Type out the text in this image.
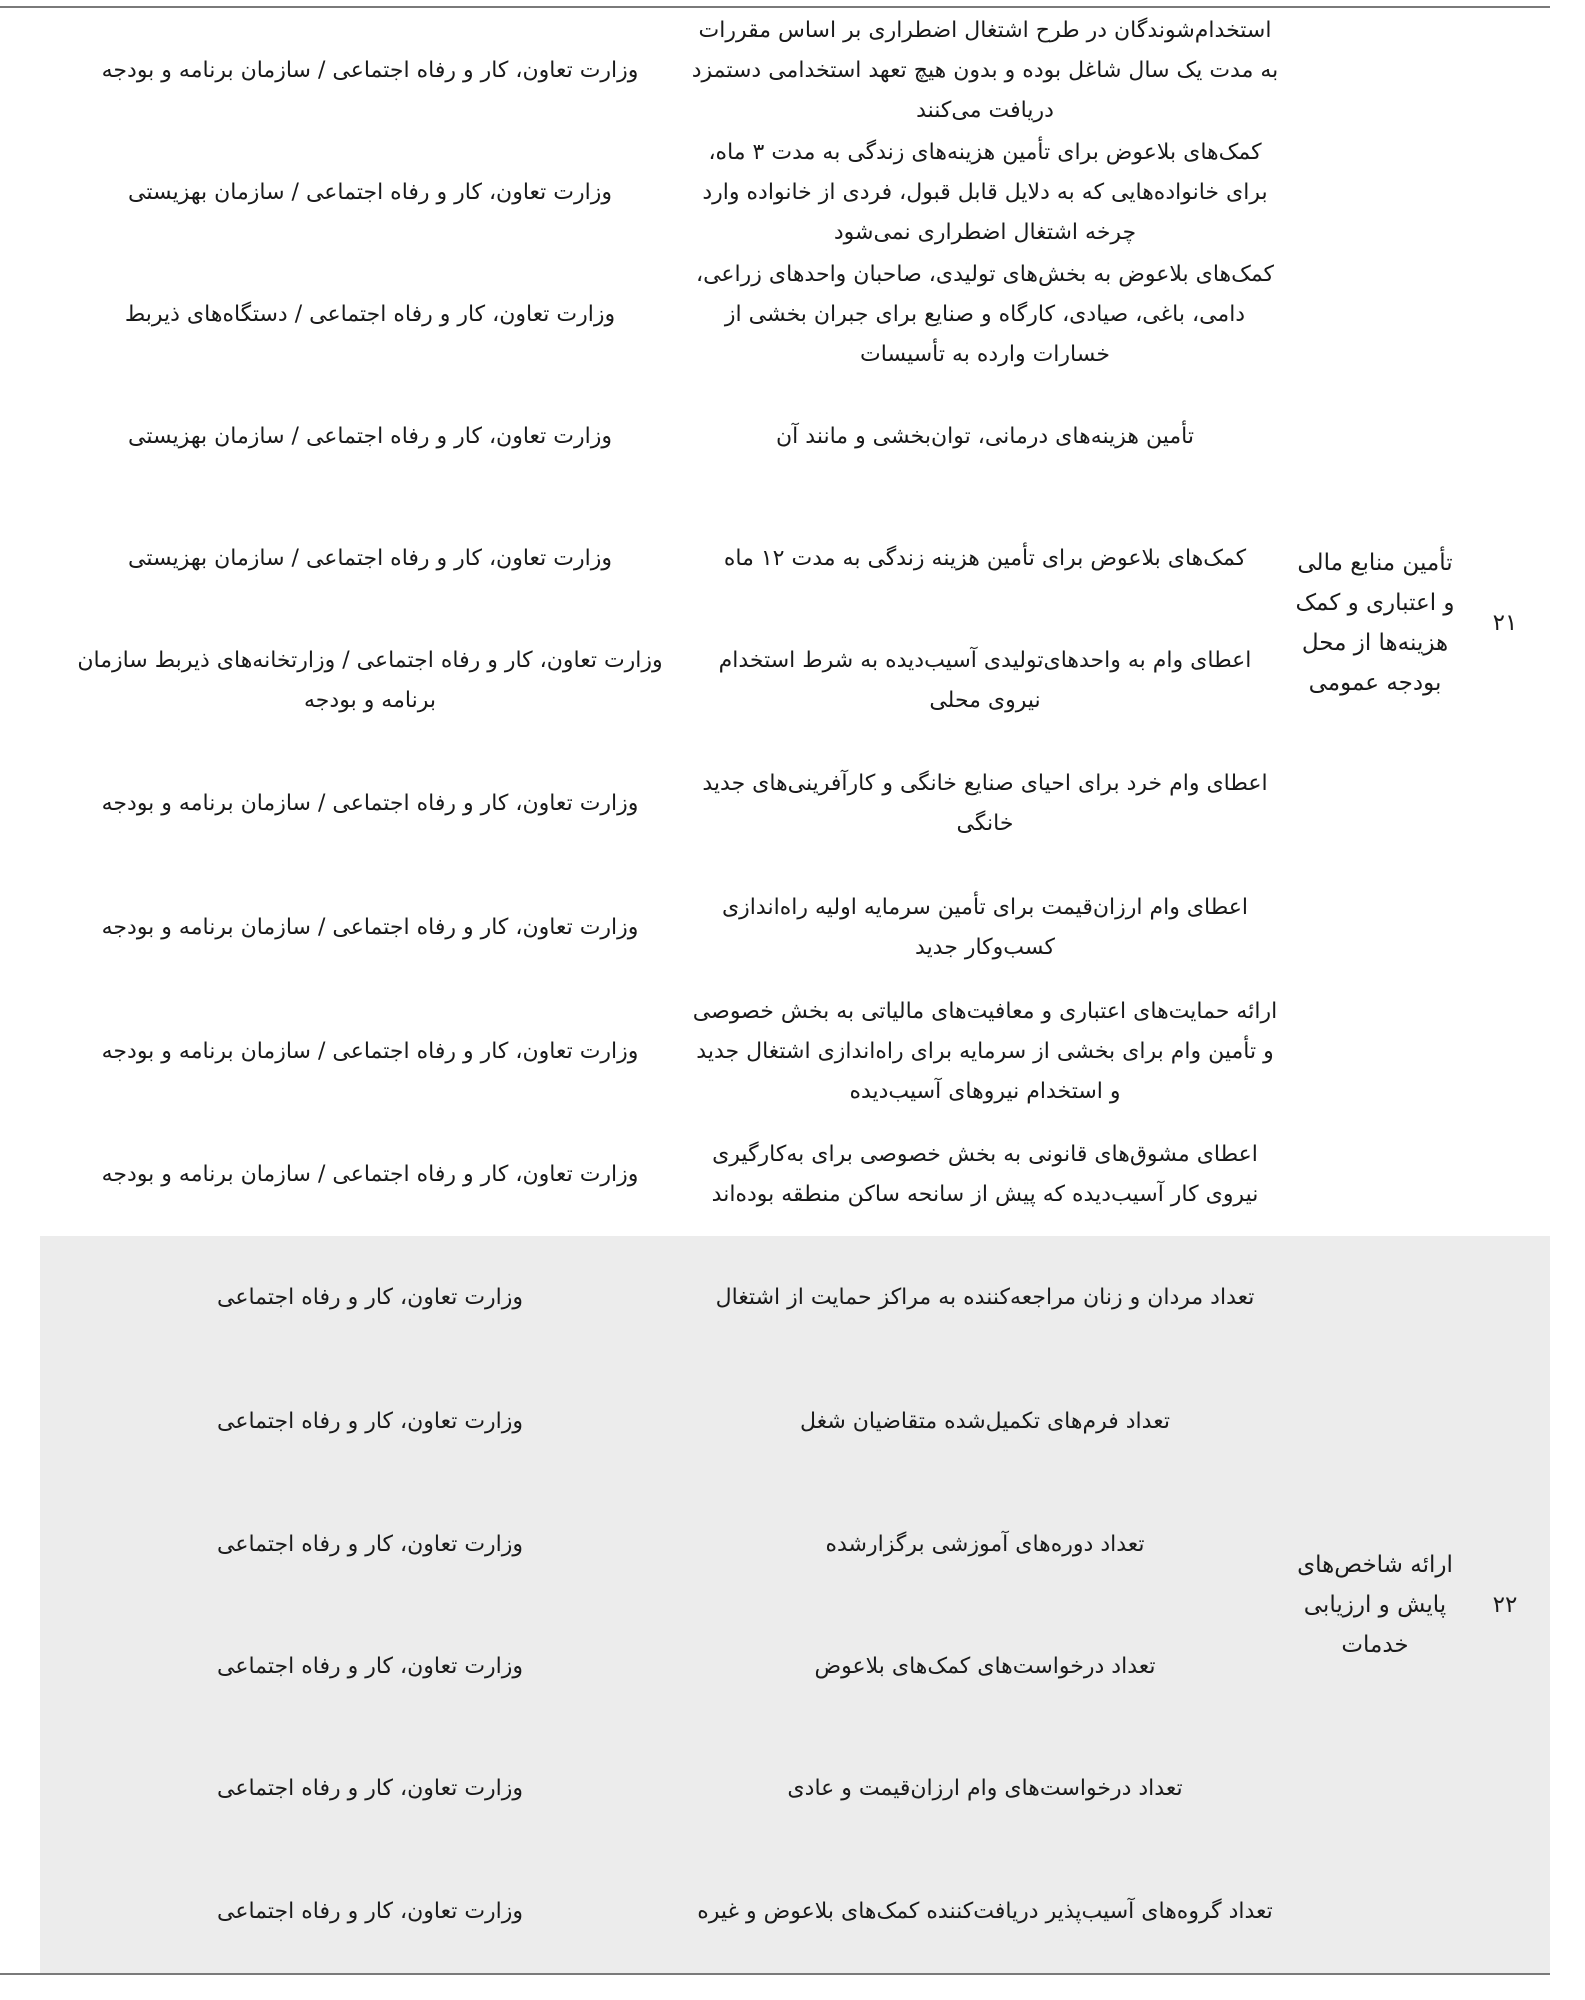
۲۱
تأمین منابع مالی و اعتباری و کمک هزینه‌ها از محل بودجه عمومی
استخدام‌شوندگان در طرح اشتغال اضطراری بر اساس مقررات به مدت یک سال شاغل بوده و بدون هیچ تعهد استخدامی دستمزد دریافت می‌کنند
وزارت تعاون، کار و رفاه اجتماعی / سازمان برنامه و بودجه
کمک‌های بلاعوض برای تأمین هزینه‌های زندگی به مدت ۳ ماه، برای خانواده‌هایی که به دلایل قابل قبول، فردی از خانواده وارد چرخه اشتغال اضطراری نمی‌شود
وزارت تعاون، کار و رفاه اجتماعی / سازمان بهزیستی
کمک‌های بلاعوض به بخش‌های تولیدی، صاحبان واحدهای زراعی، دامی، باغی، صیادی، کارگاه و صنایع برای جبران بخشی از خسارات وارده به تأسیسات
وزارت تعاون، کار و رفاه اجتماعی / دستگاه‌های ذیربط
تأمین هزینه‌های درمانی، توان‌بخشی و مانند آن
وزارت تعاون، کار و رفاه اجتماعی / سازمان بهزیستی
کمک‌های بلاعوض برای تأمین هزینه زندگی به مدت ۱۲ ماه
وزارت تعاون، کار و رفاه اجتماعی / سازمان بهزیستی
اعطای وام به واحدهای‌تولیدی آسیب‌دیده به شرط استخدام نیروی محلی
وزارت تعاون، کار و رفاه اجتماعی / وزارتخانه‌های ذیربط سازمان برنامه و بودجه
اعطای وام خرد برای احیای صنایع خانگی و کارآفرینی‌های جدید خانگی
وزارت تعاون، کار و رفاه اجتماعی / سازمان برنامه و بودجه
اعطای وام ارزان‌قیمت برای تأمین سرمایه اولیه راه‌اندازی کسب‌وکار جدید
وزارت تعاون، کار و رفاه اجتماعی / سازمان برنامه و بودجه
ارائه حمایت‌های اعتباری و معافیت‌های مالیاتی به بخش خصوصی و تأمین وام برای بخشی از سرمایه برای راه‌اندازی اشتغال جدید و استخدام نیروهای آسیب‌دیده
وزارت تعاون، کار و رفاه اجتماعی / سازمان برنامه و بودجه
اعطای مشوق‌های قانونی به بخش خصوصی برای به‌کارگیری نیروی کار آسیب‌دیده که پیش از سانحه ساکن منطقه بوده‌اند
وزارت تعاون، کار و رفاه اجتماعی / سازمان برنامه و بودجه
۲۲
ارائه شاخص‌های پایش و ارزیابی خدمات
تعداد مردان و زنان مراجعه‌کننده به مراکز حمایت از اشتغال
وزارت تعاون، کار و رفاه اجتماعی
تعداد فرم‌های تکمیل‌شده متقاضیان شغل
وزارت تعاون، کار و رفاه اجتماعی
تعداد دوره‌های آموزشی برگزارشده
وزارت تعاون، کار و رفاه اجتماعی
تعداد درخواست‌های کمک‌های بلاعوض
وزارت تعاون، کار و رفاه اجتماعی
تعداد درخواست‌های وام ارزان‌قیمت و عادی
وزارت تعاون، کار و رفاه اجتماعی
تعداد گروه‌های آسیب‌پذیر دریافت‌کننده کمک‌های بلاعوض و غیره
وزارت تعاون، کار و رفاه اجتماعی
